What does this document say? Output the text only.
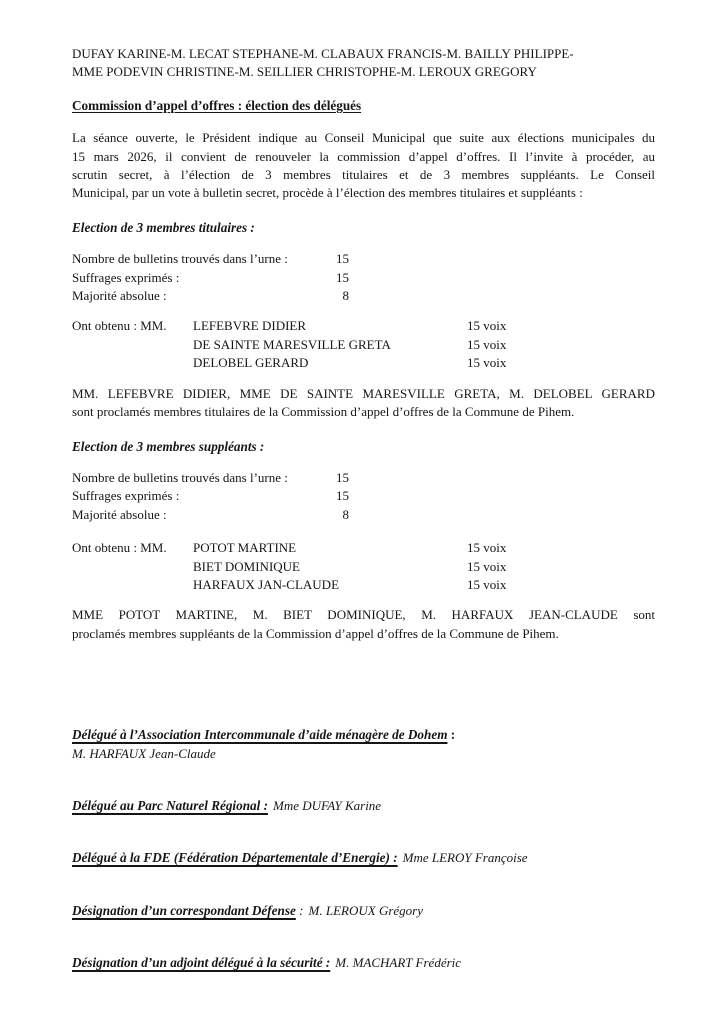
DUFAY KARINE-M. LECAT STEPHANE-M. CLABAUX FRANCIS-M. BAILLY PHILIPPE-
MME PODEVIN CHRISTINE-M. SEILLIER CHRISTOPHE-M. LEROUX GREGORY
Commission d’appel d’offres : élection des délégués
La séance ouverte, le Président indique au Conseil Municipal que suite aux élections municipales du
15 mars 2026, il convient de renouveler la commission d’appel d’offres. Il l’invite à procéder, au
scrutin secret, à l’élection de 3 membres titulaires et de 3 membres suppléants. Le Conseil
Municipal, par un vote à bulletin secret, procède à l’élection des membres titulaires et suppléants :
Election de 3 membres titulaires :
Nombre de bulletins trouvés dans l’urne :	15
Suffrages exprimés :	15
Majorité absolue :	8
Ont obtenu : MM.	LEFEBVRE DIDIER	15 voix
DE SAINTE MARESVILLE GRETA	15 voix
DELOBEL GERARD	15 voix
MM. LEFEBVRE DIDIER, MME DE SAINTE MARESVILLE GRETA, M. DELOBEL GERARD
sont proclamés membres titulaires de la Commission d’appel d’offres de la Commune de Pihem.
Election de 3 membres suppléants :
Nombre de bulletins trouvés dans l’urne :	15
Suffrages exprimés :	15
Majorité absolue :	8
Ont obtenu : MM.	POTOT MARTINE	15 voix
BIET DOMINIQUE	15 voix
HARFAUX JAN-CLAUDE	15 voix
MME POTOT MARTINE, M. BIET DOMINIQUE, M. HARFAUX JEAN-CLAUDE sont
proclamés membres suppléants de la Commission d’appel d’offres de la Commune de Pihem.
Délégué à l’Association Intercommunale d’aide ménagère de Dohem :
M. HARFAUX Jean-Claude
Délégué au Parc Naturel Régional : Mme DUFAY Karine
Délégué à la FDE (Fédération Départementale d’Energie) : Mme LEROY Françoise
Désignation d’un correspondant Défense : M. LEROUX Grégory
Désignation d’un adjoint délégué à la sécurité : M. MACHART Frédéric
